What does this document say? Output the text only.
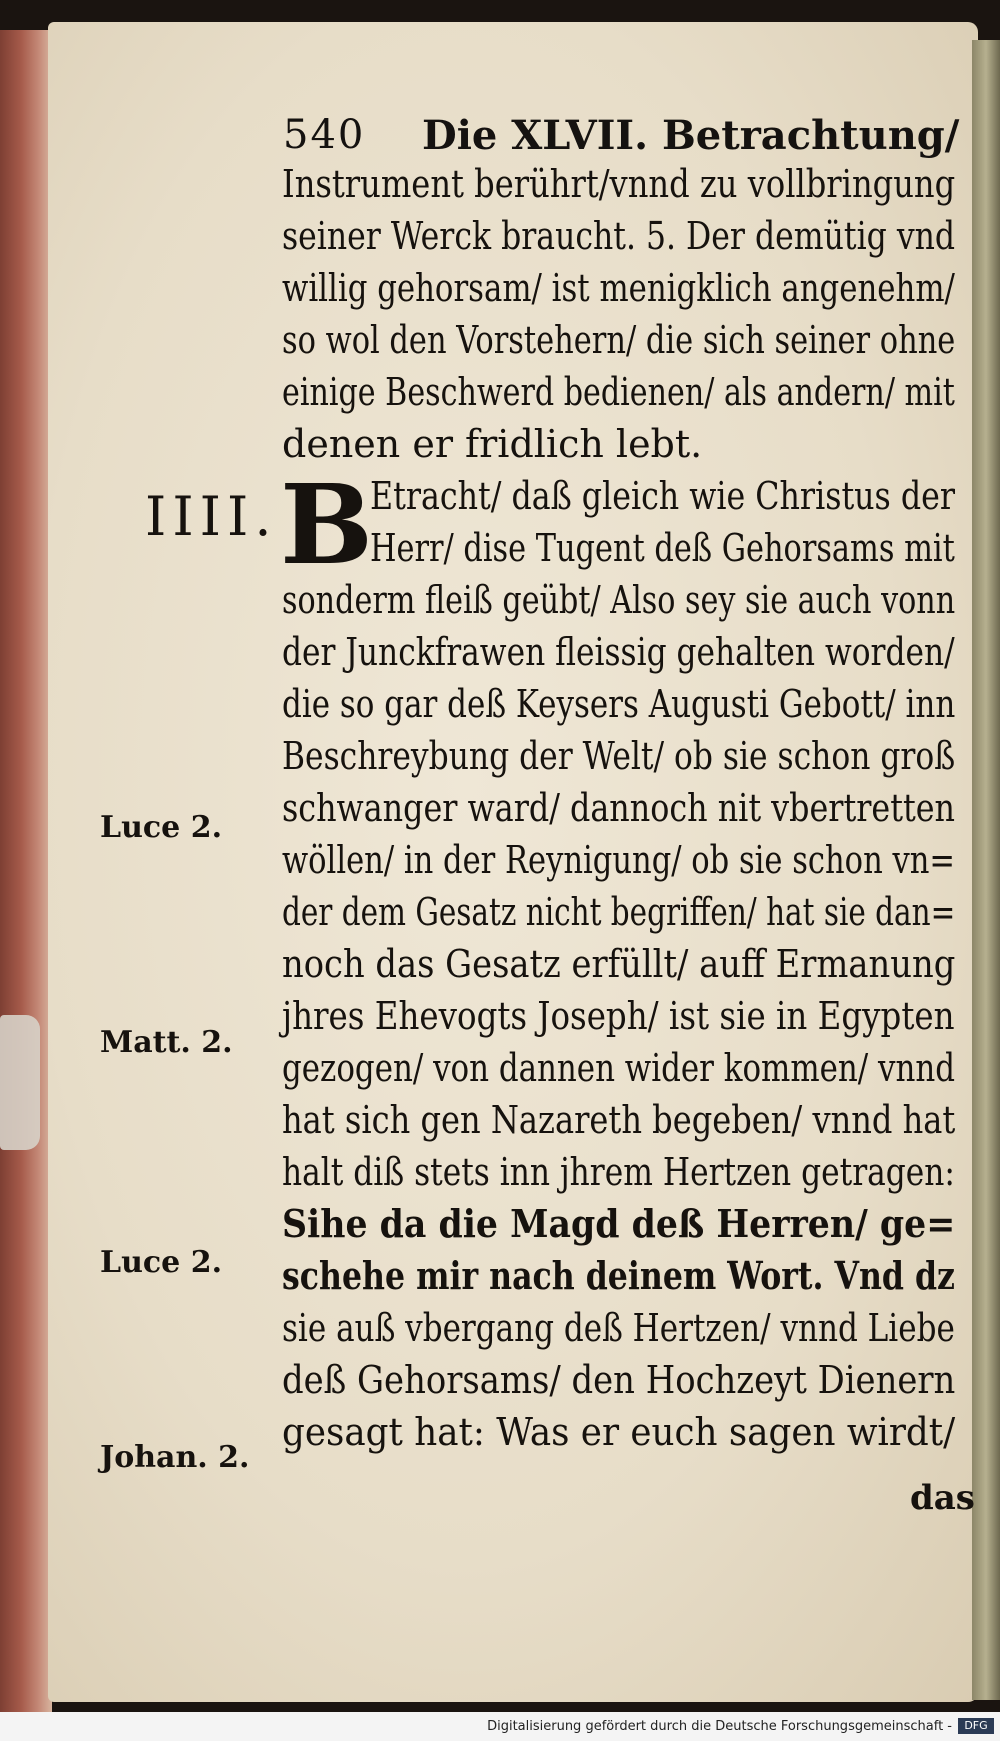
540 Die XLVII. Betrachtung/
Instrument berührt/vnnd zu vollbringung
seiner Werck braucht. 5. Der demütig vnd
willig gehorsam/ ist menigklich angenehm/
so wol den Vorstehern/ die sich seiner ohne
einige Beschwerd bedienen/ als andern/ mit
denen er fridlich lebt.
IIII. B
Etracht/ daß gleich wie Christus der
Herr/ dise Tugent deß Gehorsams mit
sonderm fleiß geübt/ Also sey sie auch vonn
der Junckfrawen fleissig gehalten worden/
die so gar deß Keysers Augusti Gebott/ inn
Beschreybung der Welt/ ob sie schon groß
schwanger ward/ dannoch nit vbertretten
wöllen/ in der Reynigung/ ob sie schon vn=
der dem Gesatz nicht begriffen/ hat sie dan=
noch das Gesatz erfüllt/ auff Ermanung
jhres Ehevogts Joseph/ ist sie in Egypten
gezogen/ von dannen wider kommen/ vnnd
hat sich gen Nazareth begeben/ vnnd hat
halt diß stets inn jhrem Hertzen getragen:
Sihe da die Magd deß Herren/ ge=
schehe mir nach deinem Wort. Vnd dz
sie auß vbergang deß Hertzen/ vnnd Liebe
deß Gehorsams/ den Hochzeyt Dienern
gesagt hat: Was er euch sagen wirdt/
Luce 2.
Matt. 2.
Luce 2.
Johan. 2.
das
Digitalisierung gefördert durch die Deutsche Forschungsgemeinschaft -	DFG
